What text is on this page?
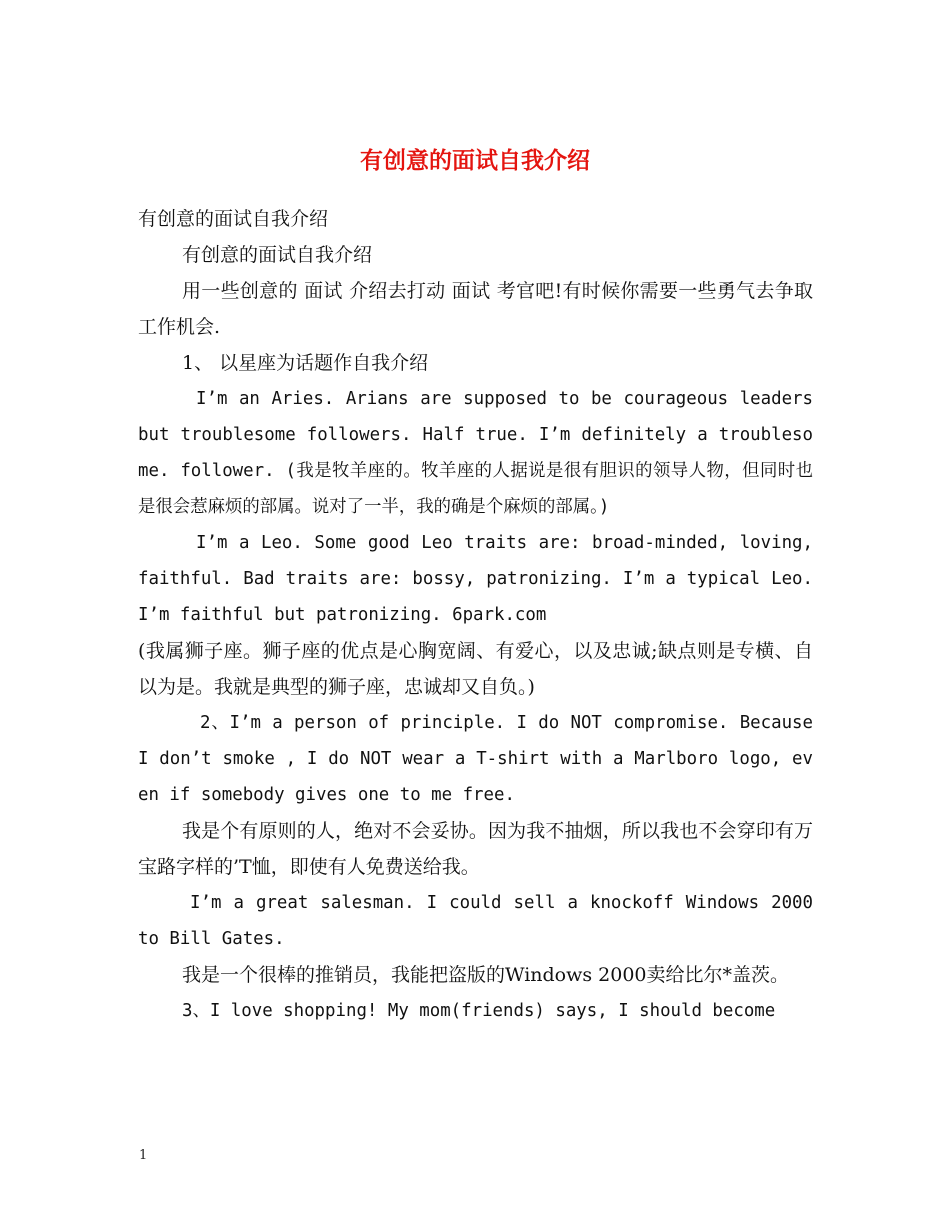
有创意的面试自我介绍

有创意的面试自我介绍

有创意的面试自我介绍

用一些创意的 面试 介绍去打动 面试 考官吧!有时候你需要一些勇气去争取工作机会.

1、 以星座为话题作自我介绍

I’m an Aries. Arians are supposed to be courageous leaders but troublesome followers. Half true. I’m definitely a troublesome. follower. (我是牧羊座的。牧羊座的人据说是很有胆识的领导人物，但同时也是很会惹麻烦的部属。说对了一半，我的确是个麻烦的部属。)

I’m a Leo. Some good Leo traits are: broad-minded, loving, faithful. Bad traits are: bossy, patronizing. I’m a typical Leo. I’m faithful but patronizing. 6park.com

(我属狮子座。狮子座的优点是心胸宽阔、有爱心，以及忠诚;缺点则是专横、自以为是。我就是典型的狮子座，忠诚却又自负。)

2、I’m a person of principle. I do NOT compromise. Because I don’t smoke , I do NOT wear a T-shirt with a Marlboro logo, even if somebody gives one to me free.

我是个有原则的人，绝对不会妥协。因为我不抽烟，所以我也不会穿印有万宝路字样的’T恤，即使有人免费送给我。

I’m a great salesman. I could sell a knockoff Windows 2000 to Bill Gates.

我是一个很棒的推销员，我能把盗版的Windows 2000卖给比尔*盖茨。

3、I love shopping! My mom(friends) says, I should become

1
